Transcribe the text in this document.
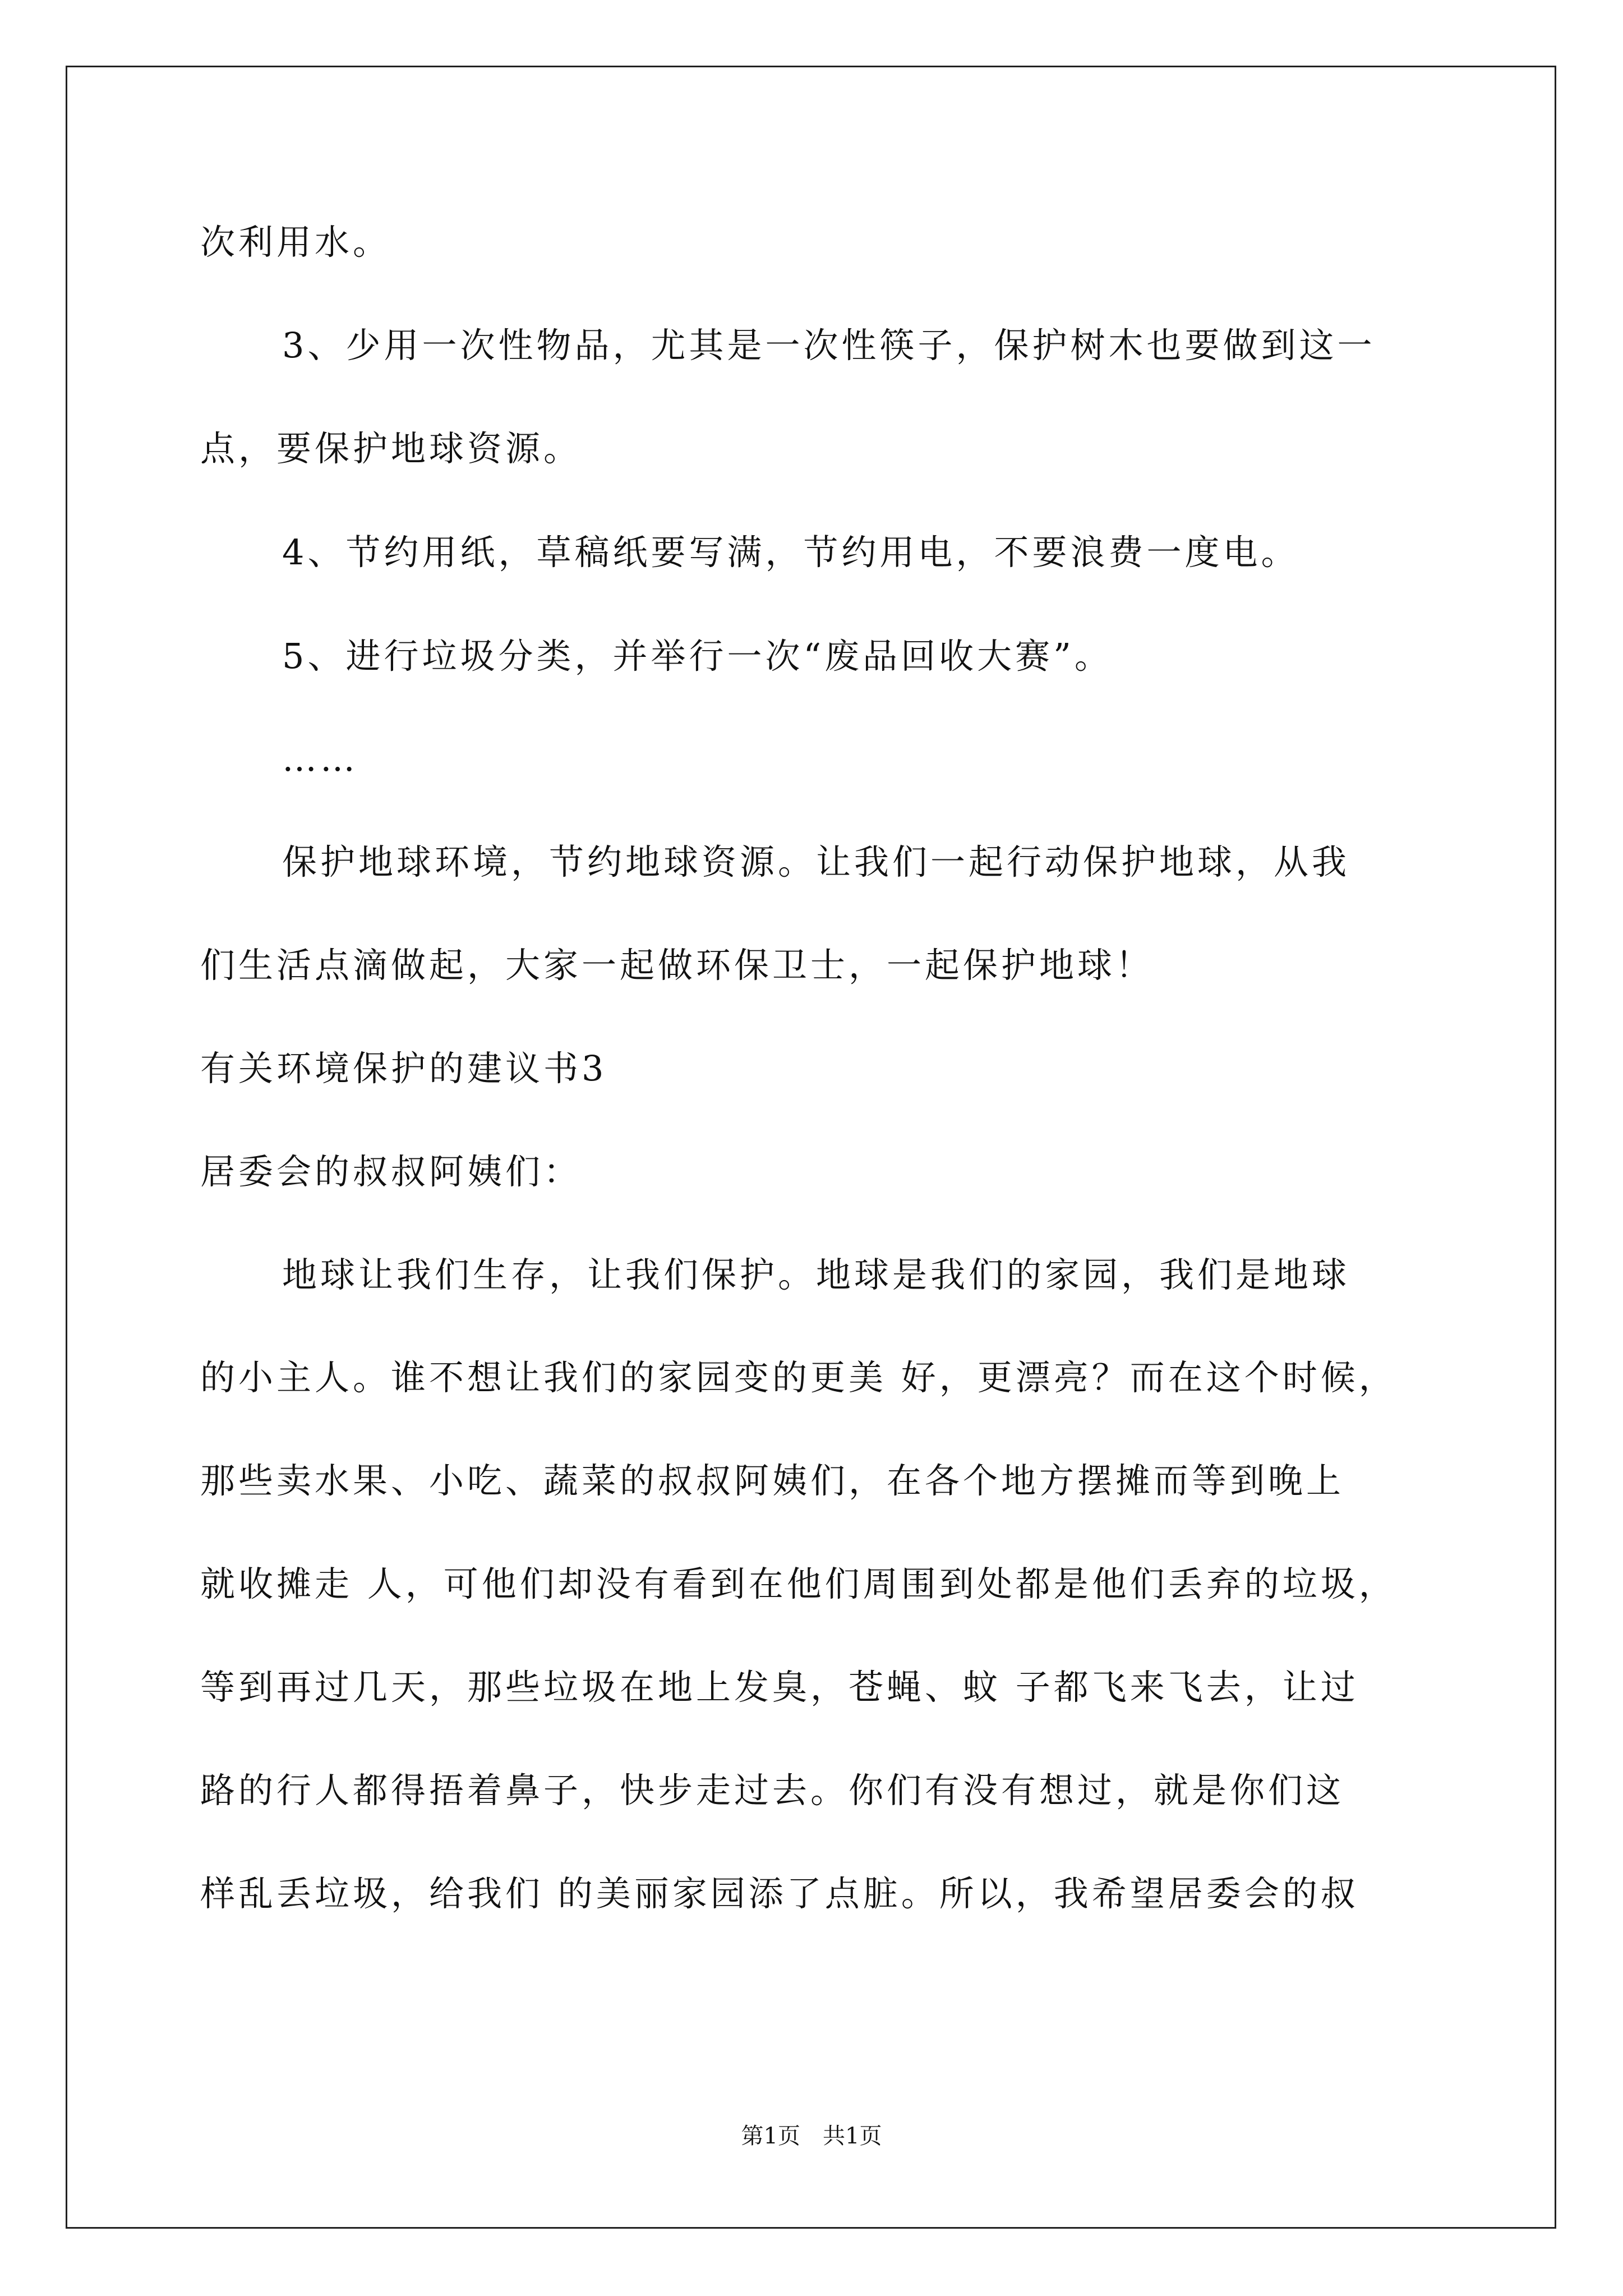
次利用水。
3、少用一次性物品，尤其是一次性筷子，保护树木也要做到这一
点，要保护地球资源。
4、节约用纸，草稿纸要写满，节约用电，不要浪费一度电。
5、进行垃圾分类，并举行一次“废品回收大赛”。
……
保护地球环境，节约地球资源。让我们一起行动保护地球，从我
们生活点滴做起，大家一起做环保卫士，一起保护地球！
有关环境保护的建议书3
居委会的叔叔阿姨们：
地球让我们生存，让我们保护。地球是我们的家园，我们是地球
的小主人。谁不想让我们的家园变的更美 好，更漂亮？而在这个时候，
那些卖水果、小吃、蔬菜的叔叔阿姨们，在各个地方摆摊而等到晚上
就收摊走 人，可他们却没有看到在他们周围到处都是他们丢弃的垃圾，
等到再过几天，那些垃圾在地上发臭，苍蝇、蚊 子都飞来飞去，让过
路的行人都得捂着鼻子，快步走过去。你们有没有想过，就是你们这
样乱丢垃圾，给我们 的美丽家园添了点脏。所以，我希望居委会的叔
第1页　共1页
